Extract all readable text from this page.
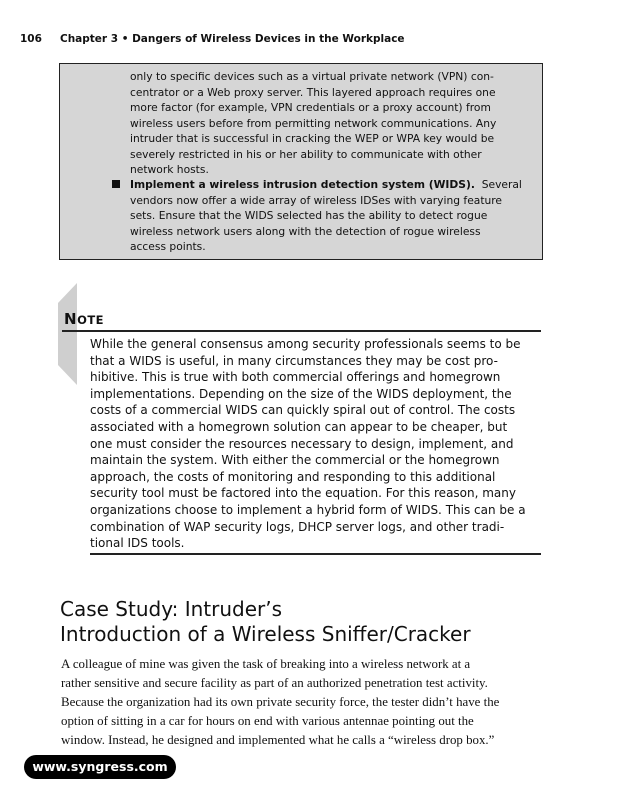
106 Chapter 3 • Dangers of Wireless Devices in the Workplace
only to specific devices such as a virtual private network (VPN) con-
centrator or a Web proxy server. This layered approach requires one
more factor (for example, VPN credentials or a proxy account) from
wireless users before from permitting network communications. Any
intruder that is successful in cracking the WEP or WPA key would be
severely restricted in his or her ability to communicate with other
network hosts.
Implement a wireless intrusion detection system (WIDS). Several
vendors now offer a wide array of wireless IDSes with varying feature
sets. Ensure that the WIDS selected has the ability to detect rogue
wireless network users along with the detection of rogue wireless
access points.
NOTE
While the general consensus among security professionals seems to be
that a WIDS is useful, in many circumstances they may be cost pro-
hibitive. This is true with both commercial offerings and homegrown
implementations. Depending on the size of the WIDS deployment, the
costs of a commercial WIDS can quickly spiral out of control. The costs
associated with a homegrown solution can appear to be cheaper, but
one must consider the resources necessary to design, implement, and
maintain the system. With either the commercial or the homegrown
approach, the costs of monitoring and responding to this additional
security tool must be factored into the equation. For this reason, many
organizations choose to implement a hybrid form of WIDS. This can be a
combination of WAP security logs, DHCP server logs, and other tradi-
tional IDS tools.
Case Study: Intruder’s
Introduction of a Wireless Sniffer/Cracker
A colleague of mine was given the task of breaking into a wireless network at a
rather sensitive and secure facility as part of an authorized penetration test activity.
Because the organization had its own private security force, the tester didn’t have the
option of sitting in a car for hours on end with various antennae pointing out the
window. Instead, he designed and implemented what he calls a “wireless drop box.”
www.syngress.com
